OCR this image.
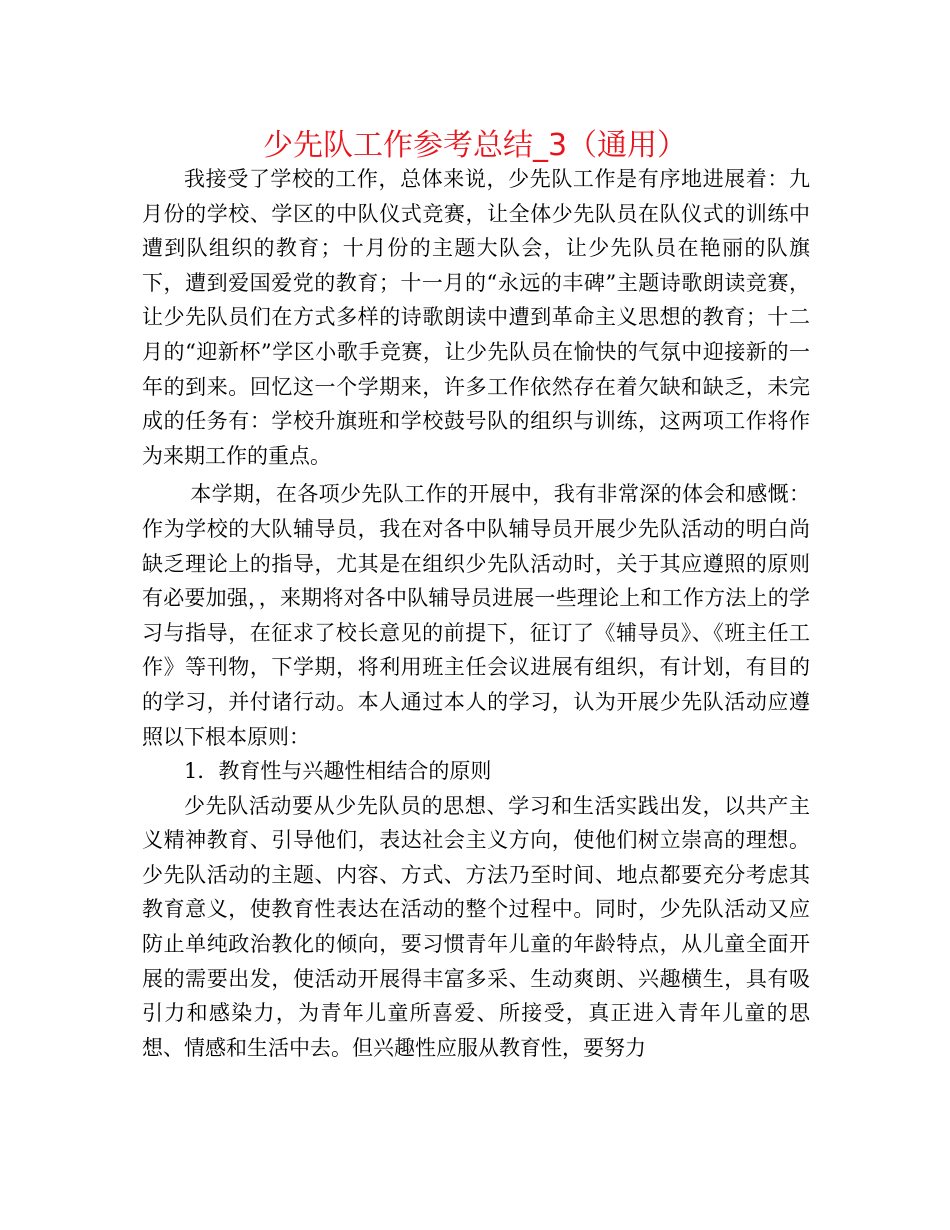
少先队工作参考总结_3（通用）

我接受了学校的工作，总体来说，少先队工作是有序地进展着：九月份的学校、学区的中队仪式竞赛，让全体少先队员在队仪式的训练中遭到队组织的教育；十月份的主题大队会，让少先队员在艳丽的队旗下，遭到爱国爱党的教育；十一月的“永远的丰碑”主题诗歌朗读竞赛，让少先队员们在方式多样的诗歌朗读中遭到革命主义思想的教育；十二月的“迎新杯”学区小歌手竞赛，让少先队员在愉快的气氛中迎接新的一年的到来。回忆这一个学期来，许多工作依然存在着欠缺和缺乏，未完成的任务有：学校升旗班和学校鼓号队的组织与训练，这两项工作将作为来期工作的重点。

本学期，在各项少先队工作的开展中，我有非常深的体会和感慨：作为学校的大队辅导员，我在对各中队辅导员开展少先队活动的明白尚缺乏理论上的指导，尤其是在组织少先队活动时，关于其应遵照的原则有必要加强，，来期将对各中队辅导员进展一些理论上和工作方法上的学习与指导，在征求了校长意见的前提下，征订了《辅导员》、《班主任工作》等刊物，下学期，将利用班主任会议进展有组织，有计划，有目的的学习，并付诸行动。本人通过本人的学习，认为开展少先队活动应遵照以下根本原则：

1．教育性与兴趣性相结合的原则

少先队活动要从少先队员的思想、学习和生活实践出发，以共产主义精神教育、引导他们，表达社会主义方向，使他们树立崇高的理想。少先队活动的主题、内容、方式、方法乃至时间、地点都要充分考虑其教育意义，使教育性表达在活动的整个过程中。同时，少先队活动又应防止单纯政治教化的倾向，要习惯青年儿童的年龄特点，从儿童全面开展的需要出发，使活动开展得丰富多采、生动爽朗、兴趣横生，具有吸引力和感染力，为青年儿童所喜爱、所接受，真正进入青年儿童的思想、情感和生活中去。但兴趣性应服从教育性，要努力
